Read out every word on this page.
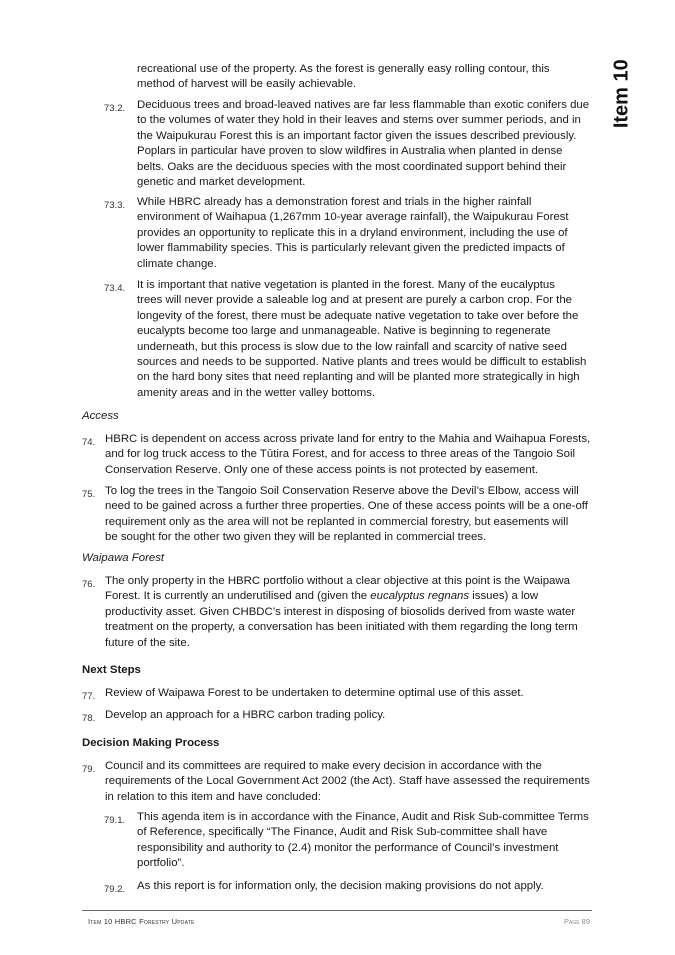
Item 10
recreational use of the property. As the forest is generally easy rolling contour, this
method of harvest will be easily achievable.
73.2. Deciduous trees and broad-leaved natives are far less flammable than exotic conifers due
to the volumes of water they hold in their leaves and stems over summer periods, and in
the Waipukurau Forest this is an important factor given the issues described previously.
Poplars in particular have proven to slow wildfires in Australia when planted in dense
belts. Oaks are the deciduous species with the most coordinated support behind their
genetic and market development.
73.3. While HBRC already has a demonstration forest and trials in the higher rainfall
environment of Waihapua (1,267mm 10-year average rainfall), the Waipukurau Forest
provides an opportunity to replicate this in a dryland environment, including the use of
lower flammability species. This is particularly relevant given the predicted impacts of
climate change.
73.4. It is important that native vegetation is planted in the forest. Many of the eucalyptus
trees will never provide a saleable log and at present are purely a carbon crop. For the
longevity of the forest, there must be adequate native vegetation to take over before the
eucalypts become too large and unmanageable. Native is beginning to regenerate
underneath, but this process is slow due to the low rainfall and scarcity of native seed
sources and needs to be supported. Native plants and trees would be difficult to establish
on the hard bony sites that need replanting and will be planted more strategically in high
amenity areas and in the wetter valley bottoms.
Access
74. HBRC is dependent on access across private land for entry to the Mahia and Waihapua Forests,
and for log truck access to the Tūtira Forest, and for access to three areas of the Tangoio Soil
Conservation Reserve. Only one of these access points is not protected by easement.
75. To log the trees in the Tangoio Soil Conservation Reserve above the Devil’s Elbow, access will
need to be gained across a further three properties. One of these access points will be a one-off
requirement only as the area will not be replanted in commercial forestry, but easements will
be sought for the other two given they will be replanted in commercial trees.
Waipawa Forest
76. The only property in the HBRC portfolio without a clear objective at this point is the Waipawa
Forest. It is currently an underutilised and (given the eucalyptus regnans issues) a low
productivity asset. Given CHBDC’s interest in disposing of biosolids derived from waste water
treatment on the property, a conversation has been initiated with them regarding the long term
future of the site.
Next Steps
77. Review of Waipawa Forest to be undertaken to determine optimal use of this asset.
78. Develop an approach for a HBRC carbon trading policy.
Decision Making Process
79. Council and its committees are required to make every decision in accordance with the
requirements of the Local Government Act 2002 (the Act). Staff have assessed the requirements
in relation to this item and have concluded:
79.1. This agenda item is in accordance with the Finance, Audit and Risk Sub-committee Terms
of Reference, specifically “The Finance, Audit and Risk Sub-committee shall have
responsibility and authority to (2.4) monitor the performance of Council’s investment
portfolio”.
79.2. As this report is for information only, the decision making provisions do not apply.
Item 10 HBRC Forestry Update	Page 89
